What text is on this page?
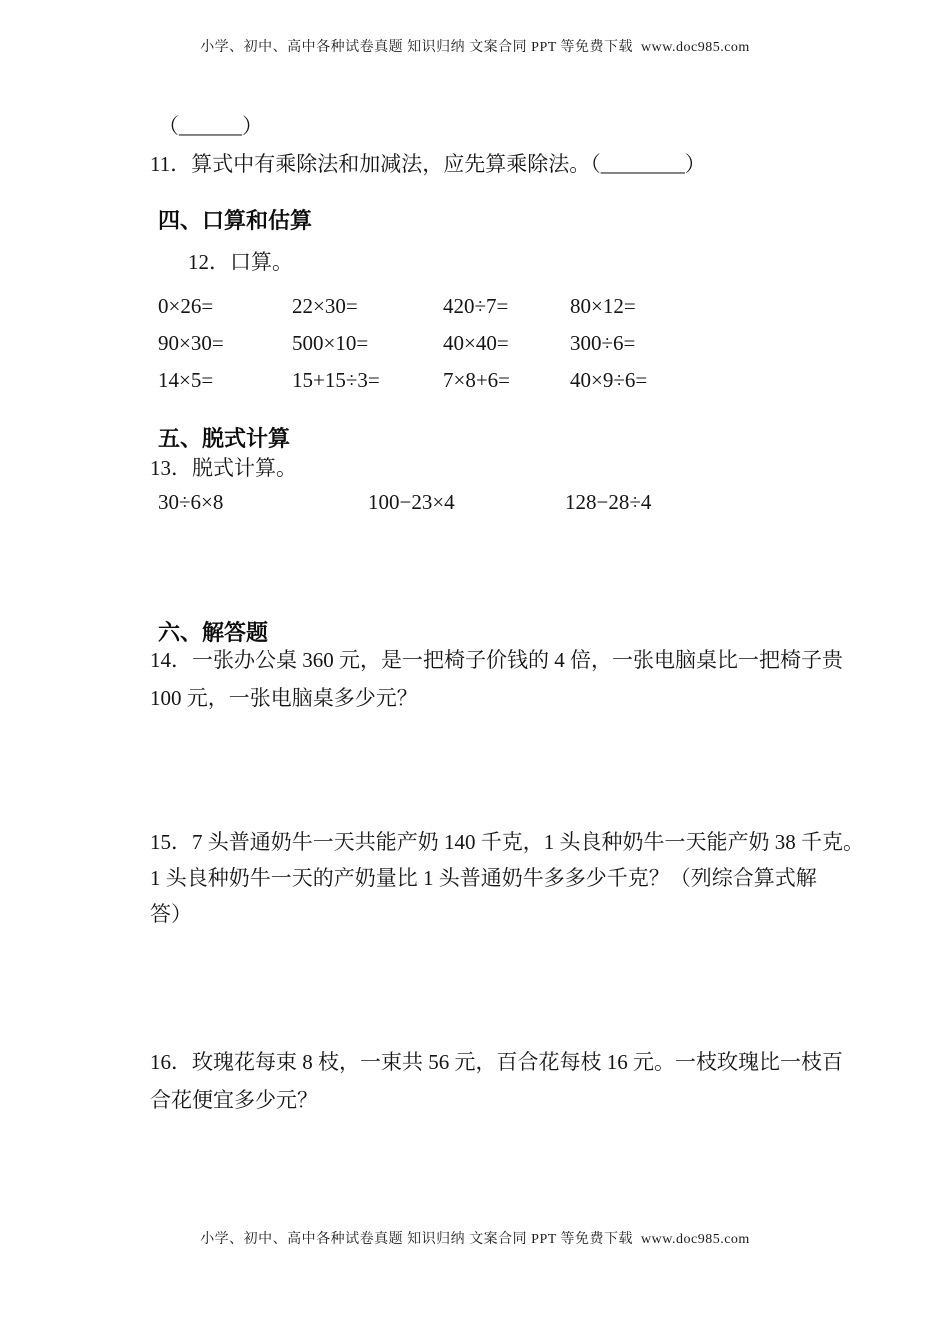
小学、初中、高中各种试卷真题 知识归纳 文案合同 PPT 等免费下载  www.doc985.com
（______）
11．算式中有乘除法和加减法，应先算乘除法。（________）
四、口算和估算
12．口算。
0×26=	22×30=	420÷7=	80×12=
90×30=	500×10=	40×40=	300÷6=
14×5=	15+15÷3=	7×8+6=	40×9÷6=
五、脱式计算
13．脱式计算。
30÷6×8	100−23×4	128−28÷4
六、解答题
14．一张办公桌 360 元，是一把椅子价钱的 4 倍，一张电脑桌比一把椅子贵
100 元，一张电脑桌多少元？
15．7 头普通奶牛一天共能产奶 140 千克，1 头良种奶牛一天能产奶 38 千克。
1 头良种奶牛一天的产奶量比 1 头普通奶牛多多少千克？（列综合算式解
答）
16．玫瑰花每束 8 枝，一束共 56 元，百合花每枝 16 元。一枝玫瑰比一枝百
合花便宜多少元？
小学、初中、高中各种试卷真题 知识归纳 文案合同 PPT 等免费下载  www.doc985.com
